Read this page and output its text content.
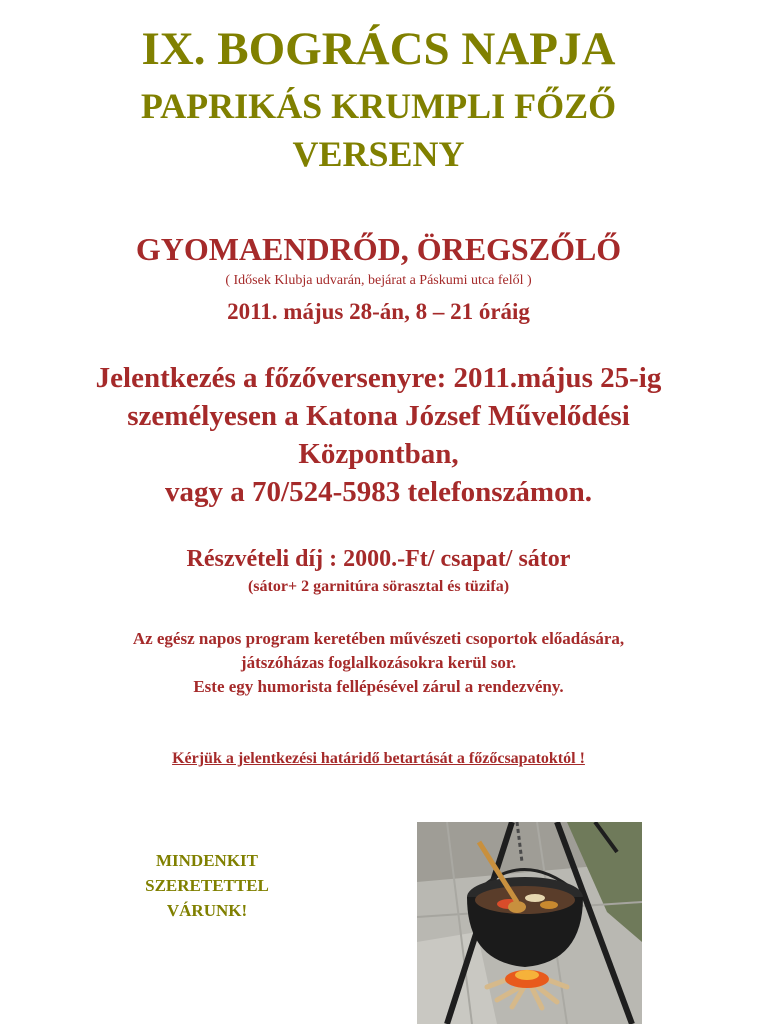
IX. BOGRÁCS NAPJA
PAPRIKÁS KRUMPLI FŐZŐ
VERSENY
GYOMAENDRŐD, ÖREGSZŐLŐ
( Idősek Klubja udvarán, bejárat a Páskumi utca felől )
2011. május 28-án, 8 – 21 óráig
Jelentkezés a főzőversenyre: 2011.május 25-ig
személyesen a Katona József Művelődési
Központban,
vagy a 70/524-5983 telefonszámon.
Részvételi díj : 2000.-Ft/ csapat/ sátor
(sátor+ 2 garnitúra sörasztal és tüzifa)
Az egész napos program keretében művészeti csoportok előadására,
játszóházas foglalkozásokra kerül sor.
Este egy humorista fellépésével zárul a rendezvény.
Kérjük a jelentkezési határidő betartását a főzőcsapatoktól !
MINDENKIT
SZERETETTEL
VÁRUNK!
